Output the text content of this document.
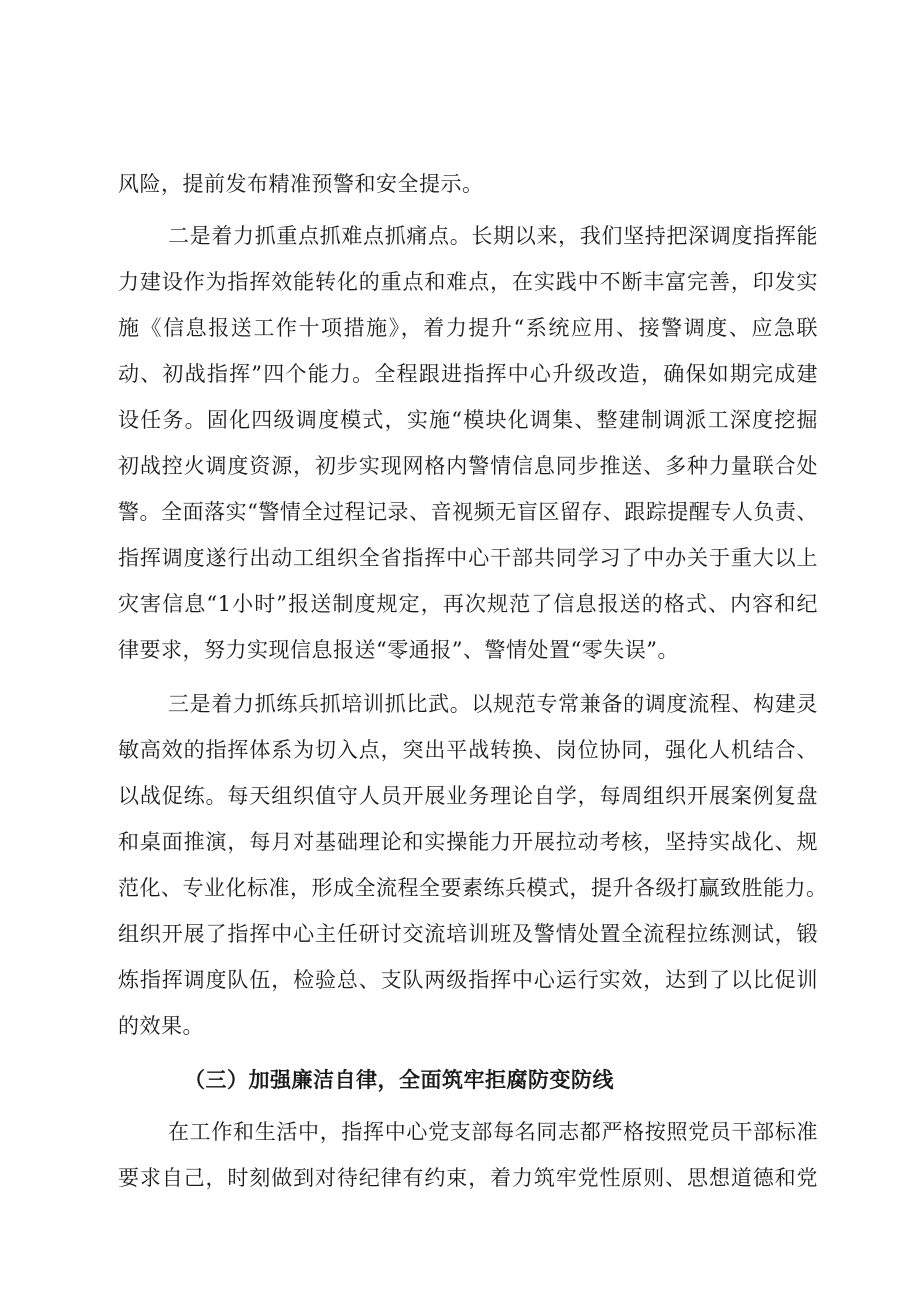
风险，提前发布精准预警和安全提示。
二是着力抓重点抓难点抓痛点。长期以来，我们坚持把深调度指挥能
力建设作为指挥效能转化的重点和难点，在实践中不断丰富完善，印发实
施《信息报送工作十项措施》，着力提升“系统应用、接警调度、应急联
动、初战指挥”四个能力。全程跟进指挥中心升级改造，确保如期完成建
设任务。固化四级调度模式，实施“模块化调集、整建制调派工深度挖掘
初战控火调度资源，初步实现网格内警情信息同步推送、多种力量联合处
警。全面落实“警情全过程记录、音视频无盲区留存、跟踪提醒专人负责、
指挥调度遂行出动工组织全省指挥中心干部共同学习了中办关于重大以上
灾害信息“1小时”报送制度规定，再次规范了信息报送的格式、内容和纪
律要求，努力实现信息报送“零通报”、警情处置“零失误”。
三是着力抓练兵抓培训抓比武。以规范专常兼备的调度流程、构建灵
敏高效的指挥体系为切入点，突出平战转换、岗位协同，强化人机结合、
以战促练。每天组织值守人员开展业务理论自学，每周组织开展案例复盘
和桌面推演，每月对基础理论和实操能力开展拉动考核，坚持实战化、规
范化、专业化标准，形成全流程全要素练兵模式，提升各级打赢致胜能力。
组织开展了指挥中心主任研讨交流培训班及警情处置全流程拉练测试，锻
炼指挥调度队伍，检验总、支队两级指挥中心运行实效，达到了以比促训
的效果。
（三）加强廉洁自律，全面筑牢拒腐防变防线
在工作和生活中，指挥中心党支部每名同志都严格按照党员干部标准
要求自己，时刻做到对待纪律有约束，着力筑牢党性原则、思想道德和党
